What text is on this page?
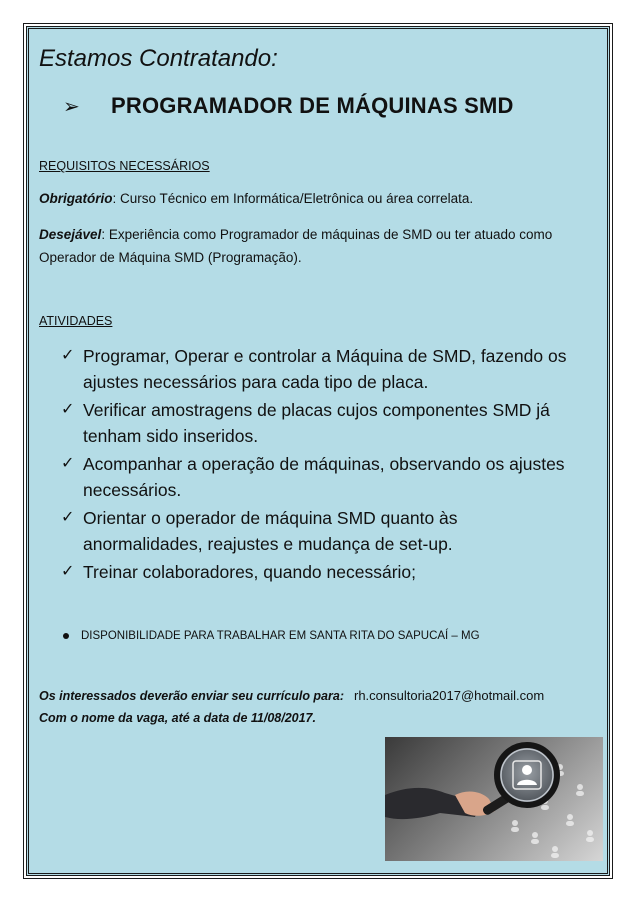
Estamos Contratando:
➢	PROGRAMADOR DE MÁQUINAS SMD
REQUISITOS NECESSÁRIOS
Obrigatório: Curso Técnico em Informática/Eletrônica ou área correlata.
Desejável: Experiência como Programador de máquinas de SMD ou ter atuado como Operador de Máquina SMD (Programação).
ATIVIDADES
✓ Programar, Operar e controlar a Máquina de SMD, fazendo os ajustes necessários para cada tipo de placa.
✓ Verificar amostragens de placas cujos componentes SMD já tenham sido inseridos.
✓ Acompanhar a operação de máquinas, observando os ajustes necessários.
✓ Orientar o operador de máquina SMD quanto às anormalidades, reajustes e mudança de set-up.
✓ Treinar colaboradores, quando necessário;
DISPONIBILIDADE PARA TRABALHAR EM SANTA RITA DO SAPUCAÍ – MG
Os interessados deverão enviar seu currículo para: rh.consultoria2017@hotmail.com
Com o nome da vaga, até a data de 11/08/2017.
